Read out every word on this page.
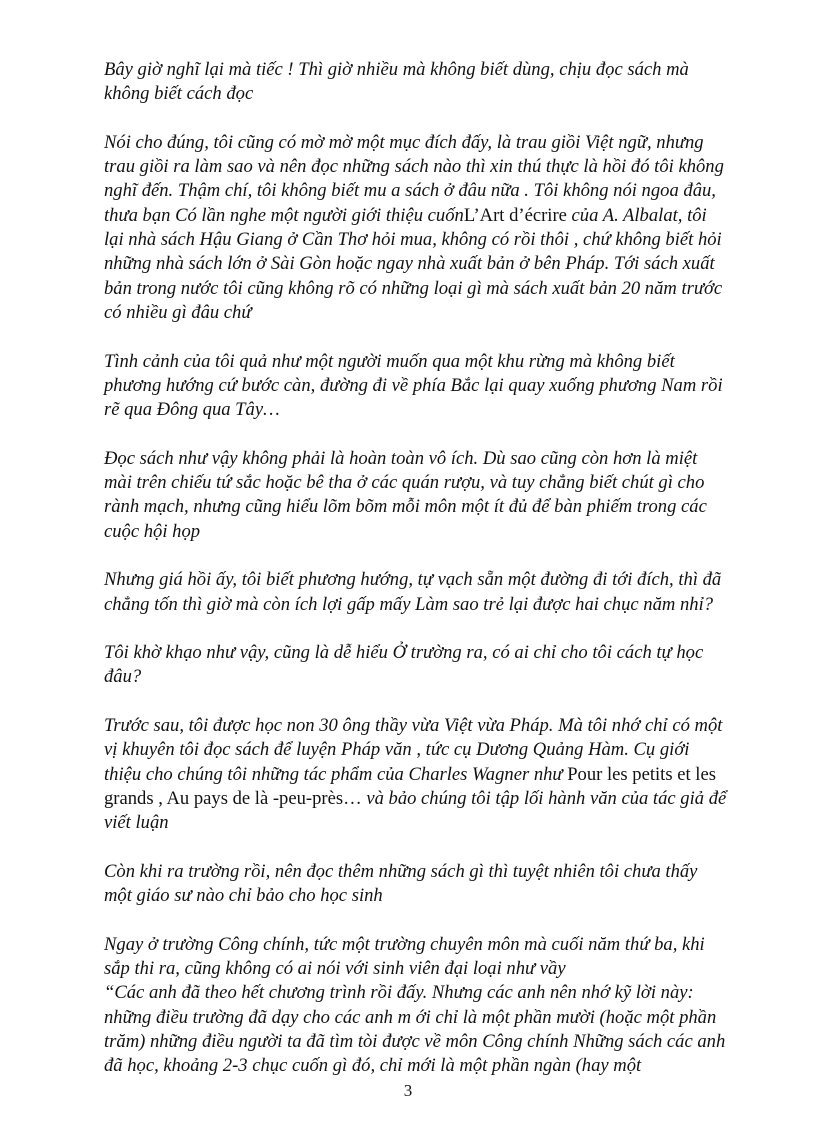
Bây giờ nghĩ lại mà tiếc ! Thì giờ nhiều mà không biết dùng, chịu đọc sách mà không biết cách đọc

Nói cho đúng, tôi cũng có mờ mờ một mục đích đấy, là trau giồi Việt ngữ, nhưng trau giồi ra làm sao và nên đọc những sách nào thì xin thú thực là hồi đó tôi không nghĩ đến. Thậm chí, tôi không biết mu a sách ở đâu nữa . Tôi không nói ngoa đâu, thưa bạn Có lần nghe một người giới thiệu cuốnL’Art d’écrire của A. Albalat, tôi lại nhà sách Hậu Giang ở Cần Thơ hỏi mua, không có rồi thôi , chứ không biết hỏi những nhà sách lớn ở Sài Gòn hoặc ngay nhà xuất bản ở bên Pháp. Tới sách xuất bản trong nước tôi cũng không rõ có những loại gì mà sách xuất bản 20 năm trước có nhiều gì đâu chứ

Tình cảnh của tôi quả như một người muốn qua một khu rừng mà không biết phương hướng cứ bước càn, đường đi về phía Bắc lại quay xuống phương Nam rồi rẽ qua Đông qua Tây…

Đọc sách như vậy không phải là hoàn toàn vô ích. Dù sao cũng còn hơn là miệt mài trên chiếu tứ sắc hoặc bê tha ở các quán rượu, và tuy chẳng biết chút gì cho rành mạch, nhưng cũng hiểu lõm bõm mỗi môn một ít đủ để bàn phiếm trong các cuộc hội họp

Nhưng giá hồi ấy, tôi biết phương hướng, tự vạch sẵn một đường đi tới đích, thì đã chẳng tốn thì giờ mà còn ích lợi gấp mấy Làm sao trẻ lại được hai chục năm nhỉ?

Tôi khờ khạo như vậy, cũng là dễ hiểu Ở trường ra, có ai chỉ cho tôi cách tự học đâu?

Trước sau, tôi được học non 30 ông thầy vừa Việt vừa Pháp. Mà tôi nhớ chỉ có một vị khuyên tôi đọc sách để luyện Pháp văn , tức cụ Dương Quảng Hàm. Cụ giới thiệu cho chúng tôi những tác phẩm của Charles Wagner như Pour les petits et les grands , Au pays de là -peu-près… và bảo chúng tôi tập lối hành văn của tác giả để viết luận

Còn khi ra trường rồi, nên đọc thêm những sách gì thì tuyệt nhiên tôi chưa thấy một giáo sư nào chỉ bảo cho học sinh

Ngay ở trường Công chính, tức một trường chuyên môn mà cuối năm thứ ba, khi sắp thi ra, cũng không có ai nói với sinh viên đại loại như vầy

“Các anh đã theo hết chương trình rồi đấy. Nhưng các anh nên nhớ kỹ lời này: những điều trường đã dạy cho các anh m ới chỉ là một phần mười (hoặc một phần trăm) những điều người ta đã tìm tòi được về môn Công chính Những sách các anh đã học, khoảng 2-3 chục cuốn gì đó, chỉ mới là một phần ngàn (hay một

3
